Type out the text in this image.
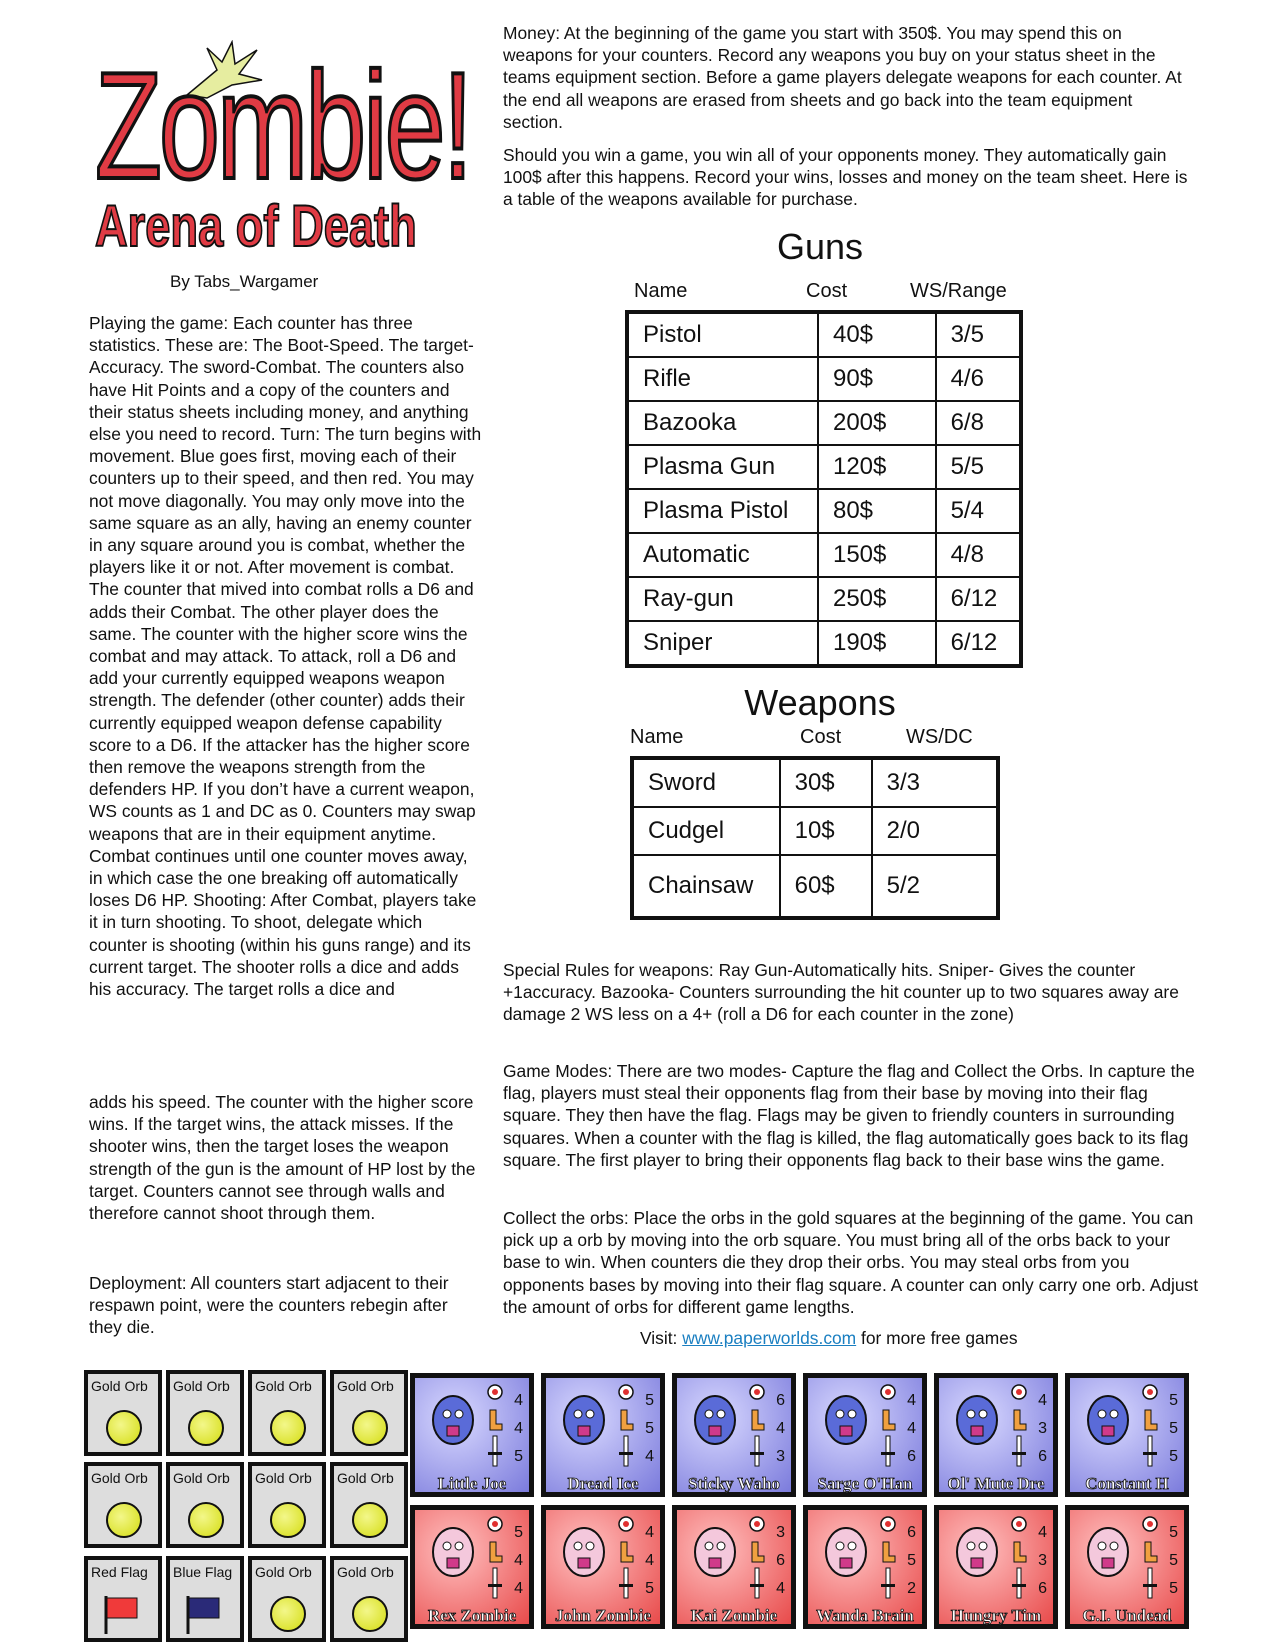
Zombie!
Arena of Death
By Tabs_Wargamer
Playing the game: Each counter has three statistics. These are: The Boot-Speed. The target-Accuracy. The sword-Combat. The counters also have Hit Points and a copy of the counters and their status sheets including money, and anything else you need to record. Turn: The turn begins with movement. Blue goes first, moving each of their counters up to their speed, and then red. You may not move diagonally. You may only move into the same square as an ally, having an enemy counter in any square around you is combat, whether the players like it or not. After movement is combat. The counter that mived into combat rolls a D6 and adds their Combat. The other player does the same. The counter with the higher score wins the combat and may attack. To attack, roll a D6 and add your currently equipped weapons weapon strength. The defender (other counter) adds their currently equipped weapon defense capability score to a D6. If the attacker has the higher score then remove the weapons strength from the defenders HP. If you don’t have a current weapon, WS counts as 1 and DC as 0. Counters may swap weapons that are in their equipment anytime. Combat continues until one counter moves away, in which case the one breaking off automatically loses D6 HP. Shooting: After Combat, players take it in turn shooting. To shoot, delegate which counter is shooting (within his guns range) and its current target. The shooter rolls a dice and adds his accuracy. The target rolls a dice and
adds his speed. The counter with the higher score wins. If the target wins, the attack misses. If the shooter wins, then the target loses the weapon strength of the gun is the amount of HP lost by the target. Counters cannot see through walls and therefore cannot shoot through them.
Deployment: All counters start adjacent to their respawn point, were the counters rebegin after they die.
Money: At the beginning of the game you start with 350$. You may spend this on weapons for your counters. Record any weapons you buy on your status sheet in the teams equipment section. Before a game players delegate weapons for each counter. At the end all weapons are erased from sheets and go back into the team equipment section.
Should you win a game, you win all of your opponents money. They automatically gain 100$ after this happens. Record your wins, losses and money on the team sheet. Here is a table of the weapons available for purchase.
Guns
Name	Cost	WS/Range
Pistol	40$	3/5
Rifle	90$	4/6
Bazooka	200$	6/8
Plasma Gun	120$	5/5
Plasma Pistol	80$	5/4
Automatic	150$	4/8
Ray-gun	250$	6/12
Sniper	190$	6/12
Weapons
Name	Cost	WS/DC
Sword	30$	3/3
Cudgel	10$	2/0
Chainsaw	60$	5/2
Special Rules for weapons: Ray Gun-Automatically hits. Sniper- Gives the counter +1accuracy. Bazooka- Counters surrounding the hit counter up to two squares away are damage 2 WS less on a 4+ (roll a D6 for each counter in the zone)
Game Modes: There are two modes- Capture the flag and Collect the Orbs. In capture the flag, players must steal their opponents flag from their base by moving into their flag square. They then have the flag. Flags may be given to friendly counters in surrounding squares. When a counter with the flag is killed, the flag automatically goes back to its flag square. The first player to bring their opponents flag back to their base wins the game.
Collect the orbs: Place the orbs in the gold squares at the beginning of the game. You can pick up a orb by moving into the orb square. You must bring all of the orbs back to your base to win. When counters die they drop their orbs. You may steal orbs from you opponents bases by moving into their flag square. A counter can only carry one orb. Adjust the amount of orbs for different game lengths.
Visit: www.paperworlds.com for more free games
Gold Orb Gold Orb Gold Orb Gold Orb
Gold Orb Gold Orb Gold Orb Gold Orb
Red Flag Blue Flag Gold Orb Gold Orb
4
4
5
Little Joe
5
5
4
Dread Ice
6
4
3
Sticky Waho
4
4
6
Sarge O'Han
4
3
6
Ol' Mute Dre
5
5
5
Constant H
5
4
4
Rex Zombie
4
4
5
John Zombie
3
6
4
Kai Zombie
6
5
2
Wanda Brain
4
3
6
Hungry Tim
5
5
5
G.I. Undead
